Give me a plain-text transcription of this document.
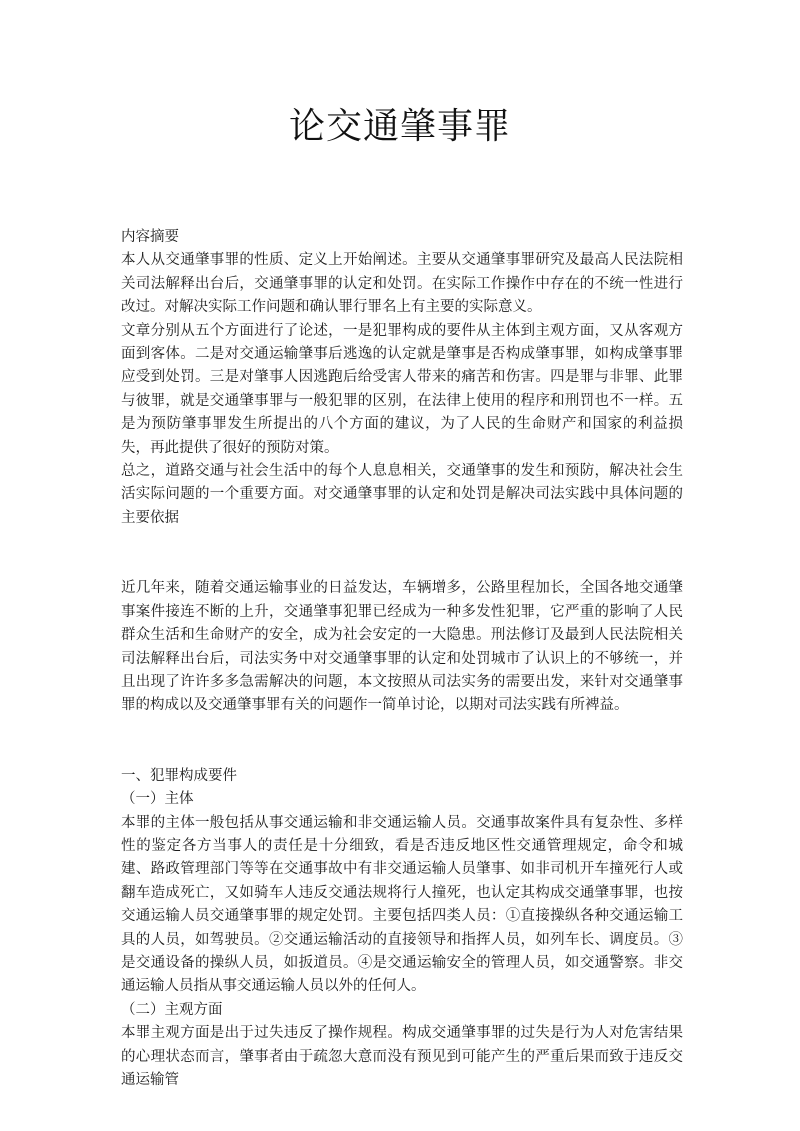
论交通肇事罪

内容摘要

本人从交通肇事罪的性质、定义上开始阐述。主要从交通肇事罪研究及最高人民法院相关司法解释出台后，交通肇事罪的认定和处罚。在实际工作操作中存在的不统一性进行改过。对解决实际工作问题和确认罪行罪名上有主要的实际意义。

文章分别从五个方面进行了论述，一是犯罪构成的要件从主体到主观方面，又从客观方面到客体。二是对交通运输肇事后逃逸的认定就是肇事是否构成肇事罪，如构成肇事罪应受到处罚。三是对肇事人因逃跑后给受害人带来的痛苦和伤害。四是罪与非罪、此罪与彼罪，就是交通肇事罪与一般犯罪的区别，在法律上使用的程序和刑罚也不一样。五是为预防肇事罪发生所提出的八个方面的建议，为了人民的生命财产和国家的利益损失，再此提供了很好的预防对策。

总之，道路交通与社会生活中的每个人息息相关，交通肇事的发生和预防，解决社会生活实际问题的一个重要方面。对交通肇事罪的认定和处罚是解决司法实践中具体问题的主要依据

近几年来，随着交通运输事业的日益发达，车辆增多，公路里程加长，全国各地交通肇事案件接连不断的上升，交通肇事犯罪已经成为一种多发性犯罪，它严重的影响了人民群众生活和生命财产的安全，成为社会安定的一大隐患。刑法修订及最到人民法院相关司法解释出台后，司法实务中对交通肇事罪的认定和处罚城市了认识上的不够统一，并且出现了许许多多急需解决的问题，本文按照从司法实务的需要出发，来针对交通肇事罪的构成以及交通肇事罪有关的问题作一简单讨论，以期对司法实践有所裨益。

一、犯罪构成要件

（一）主体

本罪的主体一般包括从事交通运输和非交通运输人员。交通事故案件具有复杂性、多样性的鉴定各方当事人的责任是十分细致，看是否违反地区性交通管理规定，命令和城建、路政管理部门等等在交通事故中有非交通运输人员肇事、如非司机开车撞死行人或翻车造成死亡，又如骑车人违反交通法规将行人撞死，也认定其构成交通肇事罪，也按交通运输人员交通肇事罪的规定处罚。主要包括四类人员：①直接操纵各种交通运输工具的人员，如驾驶员。②交通运输活动的直接领导和指挥人员，如列车长、调度员。③是交通设备的操纵人员，如扳道员。④是交通运输安全的管理人员，如交通警察。非交通运输人员指从事交通运输人员以外的任何人。

（二）主观方面

本罪主观方面是出于过失违反了操作规程。构成交通肇事罪的过失是行为人对危害结果的心理状态而言，肇事者由于疏忽大意而没有预见到可能产生的严重后果而致于违反交通运输管
